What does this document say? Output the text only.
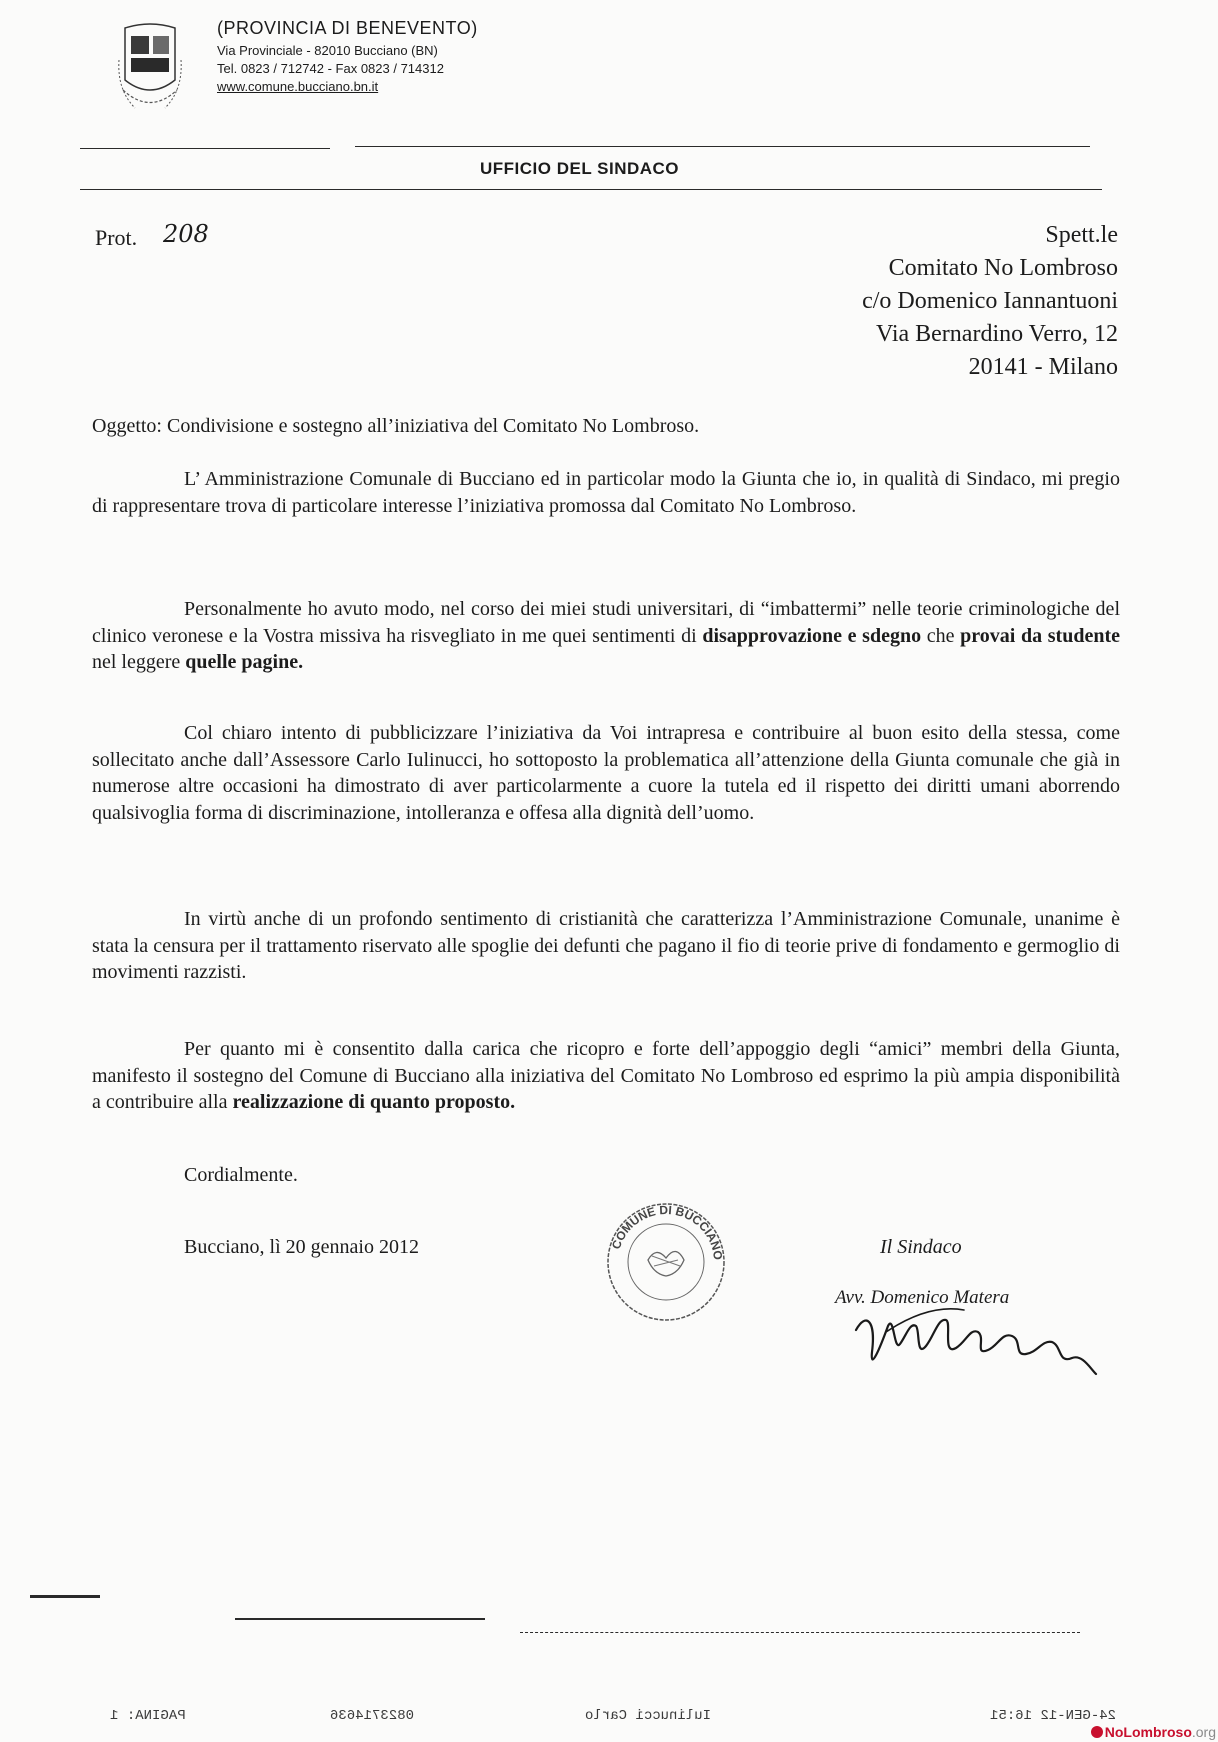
(PROVINCIA DI BENEVENTO)
Via Provinciale - 82010 Bucciano (BN)
Tel. 0823 / 712742 - Fax 0823 / 714312
www.comune.bucciano.bn.it
UFFICIO DEL SINDACO
Prot. 208	Spett.le
Comitato No Lombroso
c/o Domenico Iannantuoni
Via Bernardino Verro, 12
20141 - Milano
Oggetto: Condivisione e sostegno all’iniziativa del Comitato No Lombroso.

L’ Amministrazione Comunale di Bucciano ed in particolar modo la Giunta che io, in qualità di Sindaco, mi pregio di rappresentare trova di particolare interesse l’iniziativa promossa dal Comitato No Lombroso.

Personalmente ho avuto modo, nel corso dei miei studi universitari, di “imbattermi” nelle teorie criminologiche del clinico veronese e la Vostra missiva ha risvegliato in me quei sentimenti di disapprovazione e sdegno che provai da studente nel leggere quelle pagine.

Col chiaro intento di pubblicizzare l’iniziativa da Voi intrapresa e contribuire al buon esito della stessa, come sollecitato anche dall’Assessore Carlo Iulinucci, ho sottoposto la problematica all’attenzione della Giunta comunale che già in numerose altre occasioni ha dimostrato di aver particolarmente a cuore la tutela ed il rispetto dei diritti umani aborrendo qualsivoglia forma di discriminazione, intolleranza e offesa alla dignità dell’uomo.

In virtù anche di un profondo sentimento di cristianità che caratterizza l’Amministrazione Comunale, unanime è stata la censura per il trattamento riservato alle spoglie dei defunti che pagano il fio di teorie prive di fondamento e germoglio di movimenti razzisti.

Per quanto mi è consentito dalla carica che ricopro e forte dell’appoggio degli “amici” membri della Giunta, manifesto il sostegno del Comune di Bucciano alla iniziativa del Comitato No Lombroso ed esprimo la più ampia disponibilità a contribuire alla realizzazione di quanto proposto.

Cordialmente.
Bucciano, lì 20 gennaio 2012	Il Sindaco
Avv. Domenico Matera
COMUNE DI BUCCIANO
PAGINA: 1	0823714636	Iulinucci Carlo	24-GEN-12 16:51
NoLombroso.org
